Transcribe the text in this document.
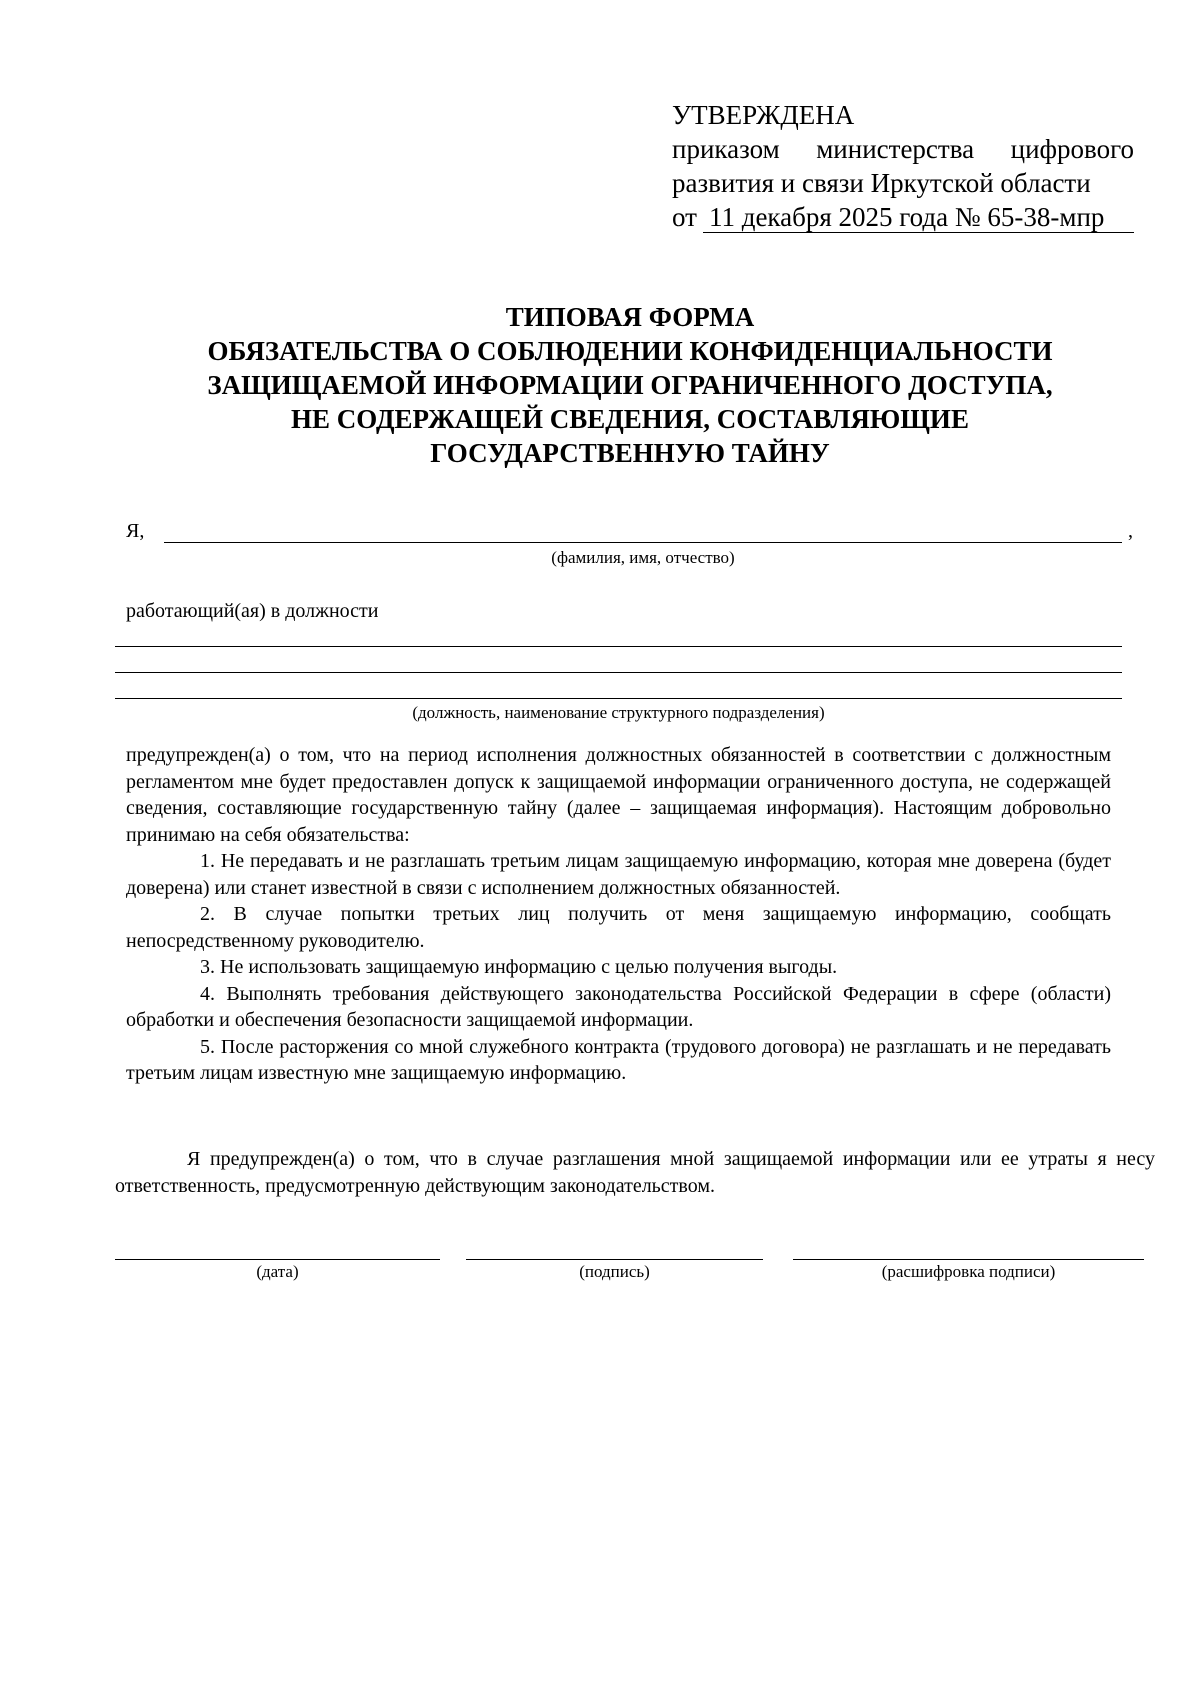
УТВЕРЖДЕНА
приказом министерства цифрового
развития и связи Иркутской области
от 11 декабря 2025 года № 65-38-мпр
ТИПОВАЯ ФОРМА
ОБЯЗАТЕЛЬСТВА О СОБЛЮДЕНИИ КОНФИДЕНЦИАЛЬНОСТИ
ЗАЩИЩАЕМОЙ ИНФОРМАЦИИ ОГРАНИЧЕННОГО ДОСТУПА,
НЕ СОДЕРЖАЩЕЙ СВЕДЕНИЯ, СОСТАВЛЯЮЩИЕ
ГОСУДАРСТВЕННУЮ ТАЙНУ
Я,	,
(фамилия, имя, отчество)
работающий(ая) в должности
(должность, наименование структурного подразделения)

предупрежден(а) о том, что на период исполнения должностных обязанностей в соответствии с должностным регламентом мне будет предоставлен допуск к защищаемой информации ограниченного доступа, не содержащей сведения, составляющие государственную тайну (далее – защищаемая информация). Настоящим добровольно принимаю на себя обязательства:

1. Не передавать и не разглашать третьим лицам защищаемую информацию, которая мне доверена (будет доверена) или станет известной в связи с исполнением должностных обязанностей.

2. В случае попытки третьих лиц получить от меня защищаемую информацию, сообщать непосредственному руководителю.

3. Не использовать защищаемую информацию с целью получения выгоды.

4. Выполнять требования действующего законодательства Российской Федерации в сфере (области) обработки и обеспечения безопасности защищаемой информации.

5. После расторжения со мной служебного контракта (трудового договора) не разглашать и не передавать третьим лицам известную мне защищаемую информацию.

Я предупрежден(а) о том, что в случае разглашения мной защищаемой информации или ее утраты я несу ответственность, предусмотренную действующим законодательством.

(дата)	(подпись)	(расшифровка подписи)
